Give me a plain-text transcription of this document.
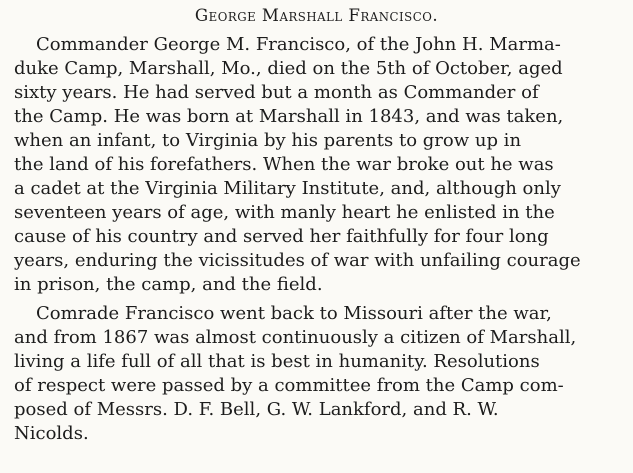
George Marshall Francisco.
Commander George M. Francisco, of the John H. Marma-
duke Camp, Marshall, Mo., died on the 5th of October, aged
sixty years. He had served but a month as Commander of
the Camp. He was born at Marshall in 1843, and was taken,
when an infant, to Virginia by his parents to grow up in
the land of his forefathers. When the war broke out he was
a cadet at the Virginia Military Institute, and, although only
seventeen years of age, with manly heart he enlisted in the
cause of his country and served her faithfully for four long
years, enduring the vicissitudes of war with unfailing courage
in prison, the camp, and the field.
Comrade Francisco went back to Missouri after the war,
and from 1867 was almost continuously a citizen of Marshall,
living a life full of all that is best in humanity. Resolutions
of respect were passed by a committee from the Camp com-
posed of Messrs. D. F. Bell, G. W. Lankford, and R. W.
Nicolds.
